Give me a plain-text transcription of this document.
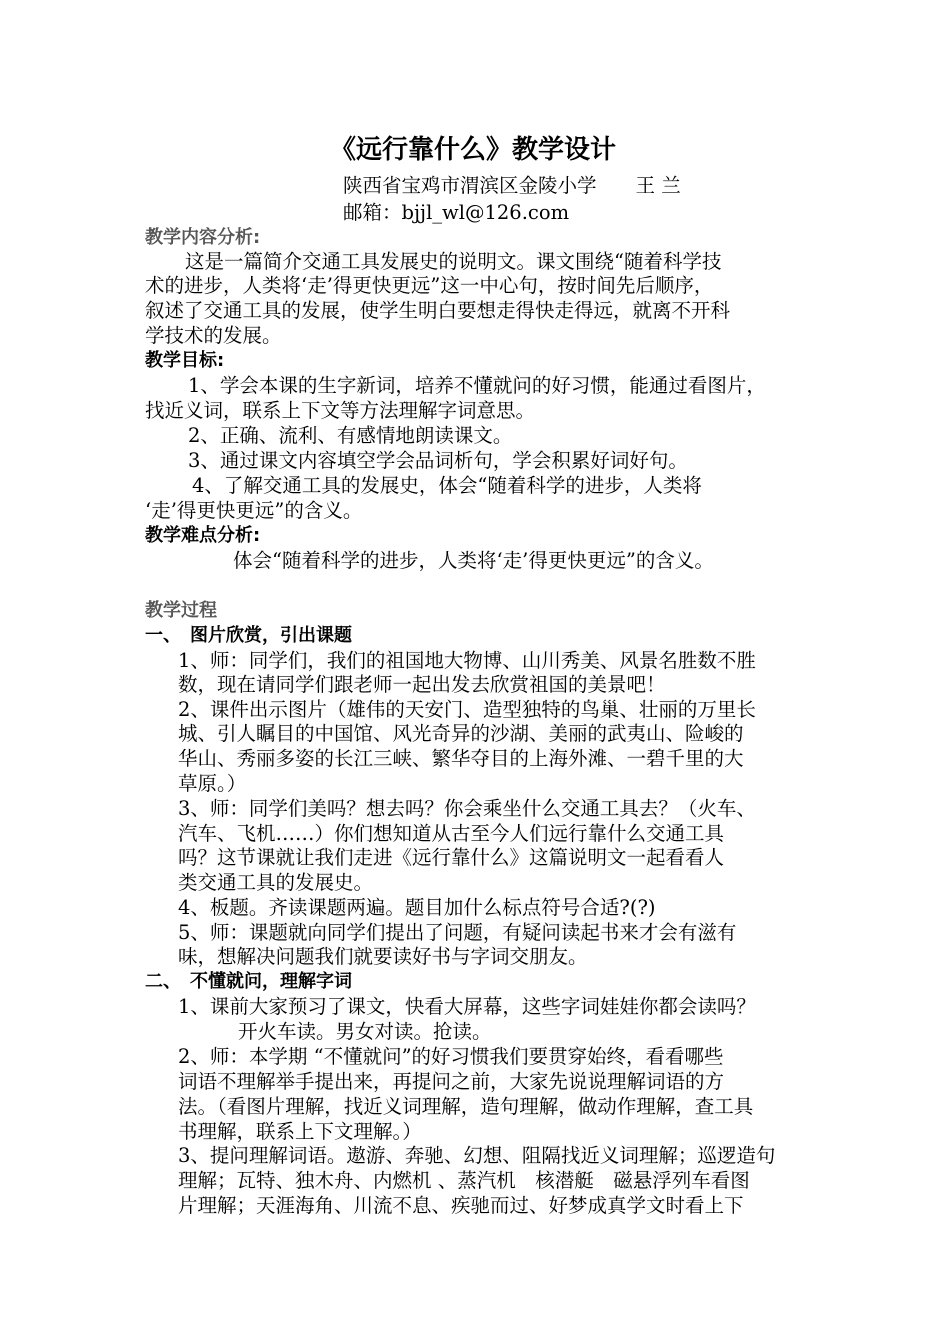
《远行靠什么》教学设计
陕西省宝鸡市渭滨区金陵小学　　王 兰
邮箱：bjjl_wl@126.com
教学内容分析:
这是一篇简介交通工具发展史的说明文。课文围绕“随着科学技
术的进步，人类将‘走’得更快更远”这一中心句，按时间先后顺序，
叙述了交通工具的发展，使学生明白要想走得快走得远，就离不开科
学技术的发展。
教学目标:
1、学会本课的生字新词，培养不懂就问的好习惯，能通过看图片，
找近义词，联系上下文等方法理解字词意思。
2、正确、流利、有感情地朗读课文。
3、通过课文内容填空学会品词析句，学会积累好词好句。
4、了解交通工具的发展史，体会“随着科学的进步，人类将
‘走’得更快更远”的含义。
教学难点分析:
体会“随着科学的进步，人类将‘走’得更快更远”的含义。
教学过程
一、　图片欣赏，引出课题
1、师：同学们，我们的祖国地大物博、山川秀美、风景名胜数不胜
数，现在请同学们跟老师一起出发去欣赏祖国的美景吧！
2、课件出示图片（雄伟的天安门、造型独特的鸟巢、壮丽的万里长
城、引人瞩目的中国馆、风光奇异的沙湖、美丽的武夷山、险峻的
华山、秀丽多姿的长江三峡、繁华夺目的上海外滩、一碧千里的大
草原。）
3、师：同学们美吗？想去吗？你会乘坐什么交通工具去？（火车、
汽车、飞机……）你们想知道从古至今人们远行靠什么交通工具
吗？这节课就让我们走进《远行靠什么》这篇说明文一起看看人
类交通工具的发展史。
4、板题。齐读课题两遍。题目加什么标点符号合适?(?)
5、师：课题就向同学们提出了问题，有疑问读起书来才会有滋有
味，想解决问题我们就要读好书与字词交朋友。
二、　不懂就问，理解字词
1、课前大家预习了课文，快看大屏幕，这些字词娃娃你都会读吗？
开火车读。男女对读。抢读。
2、师：本学期 “不懂就问”的好习惯我们要贯穿始终，看看哪些
词语不理解举手提出来，再提问之前，大家先说说理解词语的方
法。（看图片理解，找近义词理解，造句理解，做动作理解，查工具
书理解，联系上下文理解。）
3、提问理解词语。遨游、奔驰、幻想、阻隔找近义词理解；巡逻造句
理解；瓦特、独木舟、内燃机 、蒸汽机　核潜艇　磁悬浮列车看图
片理解；天涯海角、川流不息、疾驰而过、好梦成真学文时看上下
